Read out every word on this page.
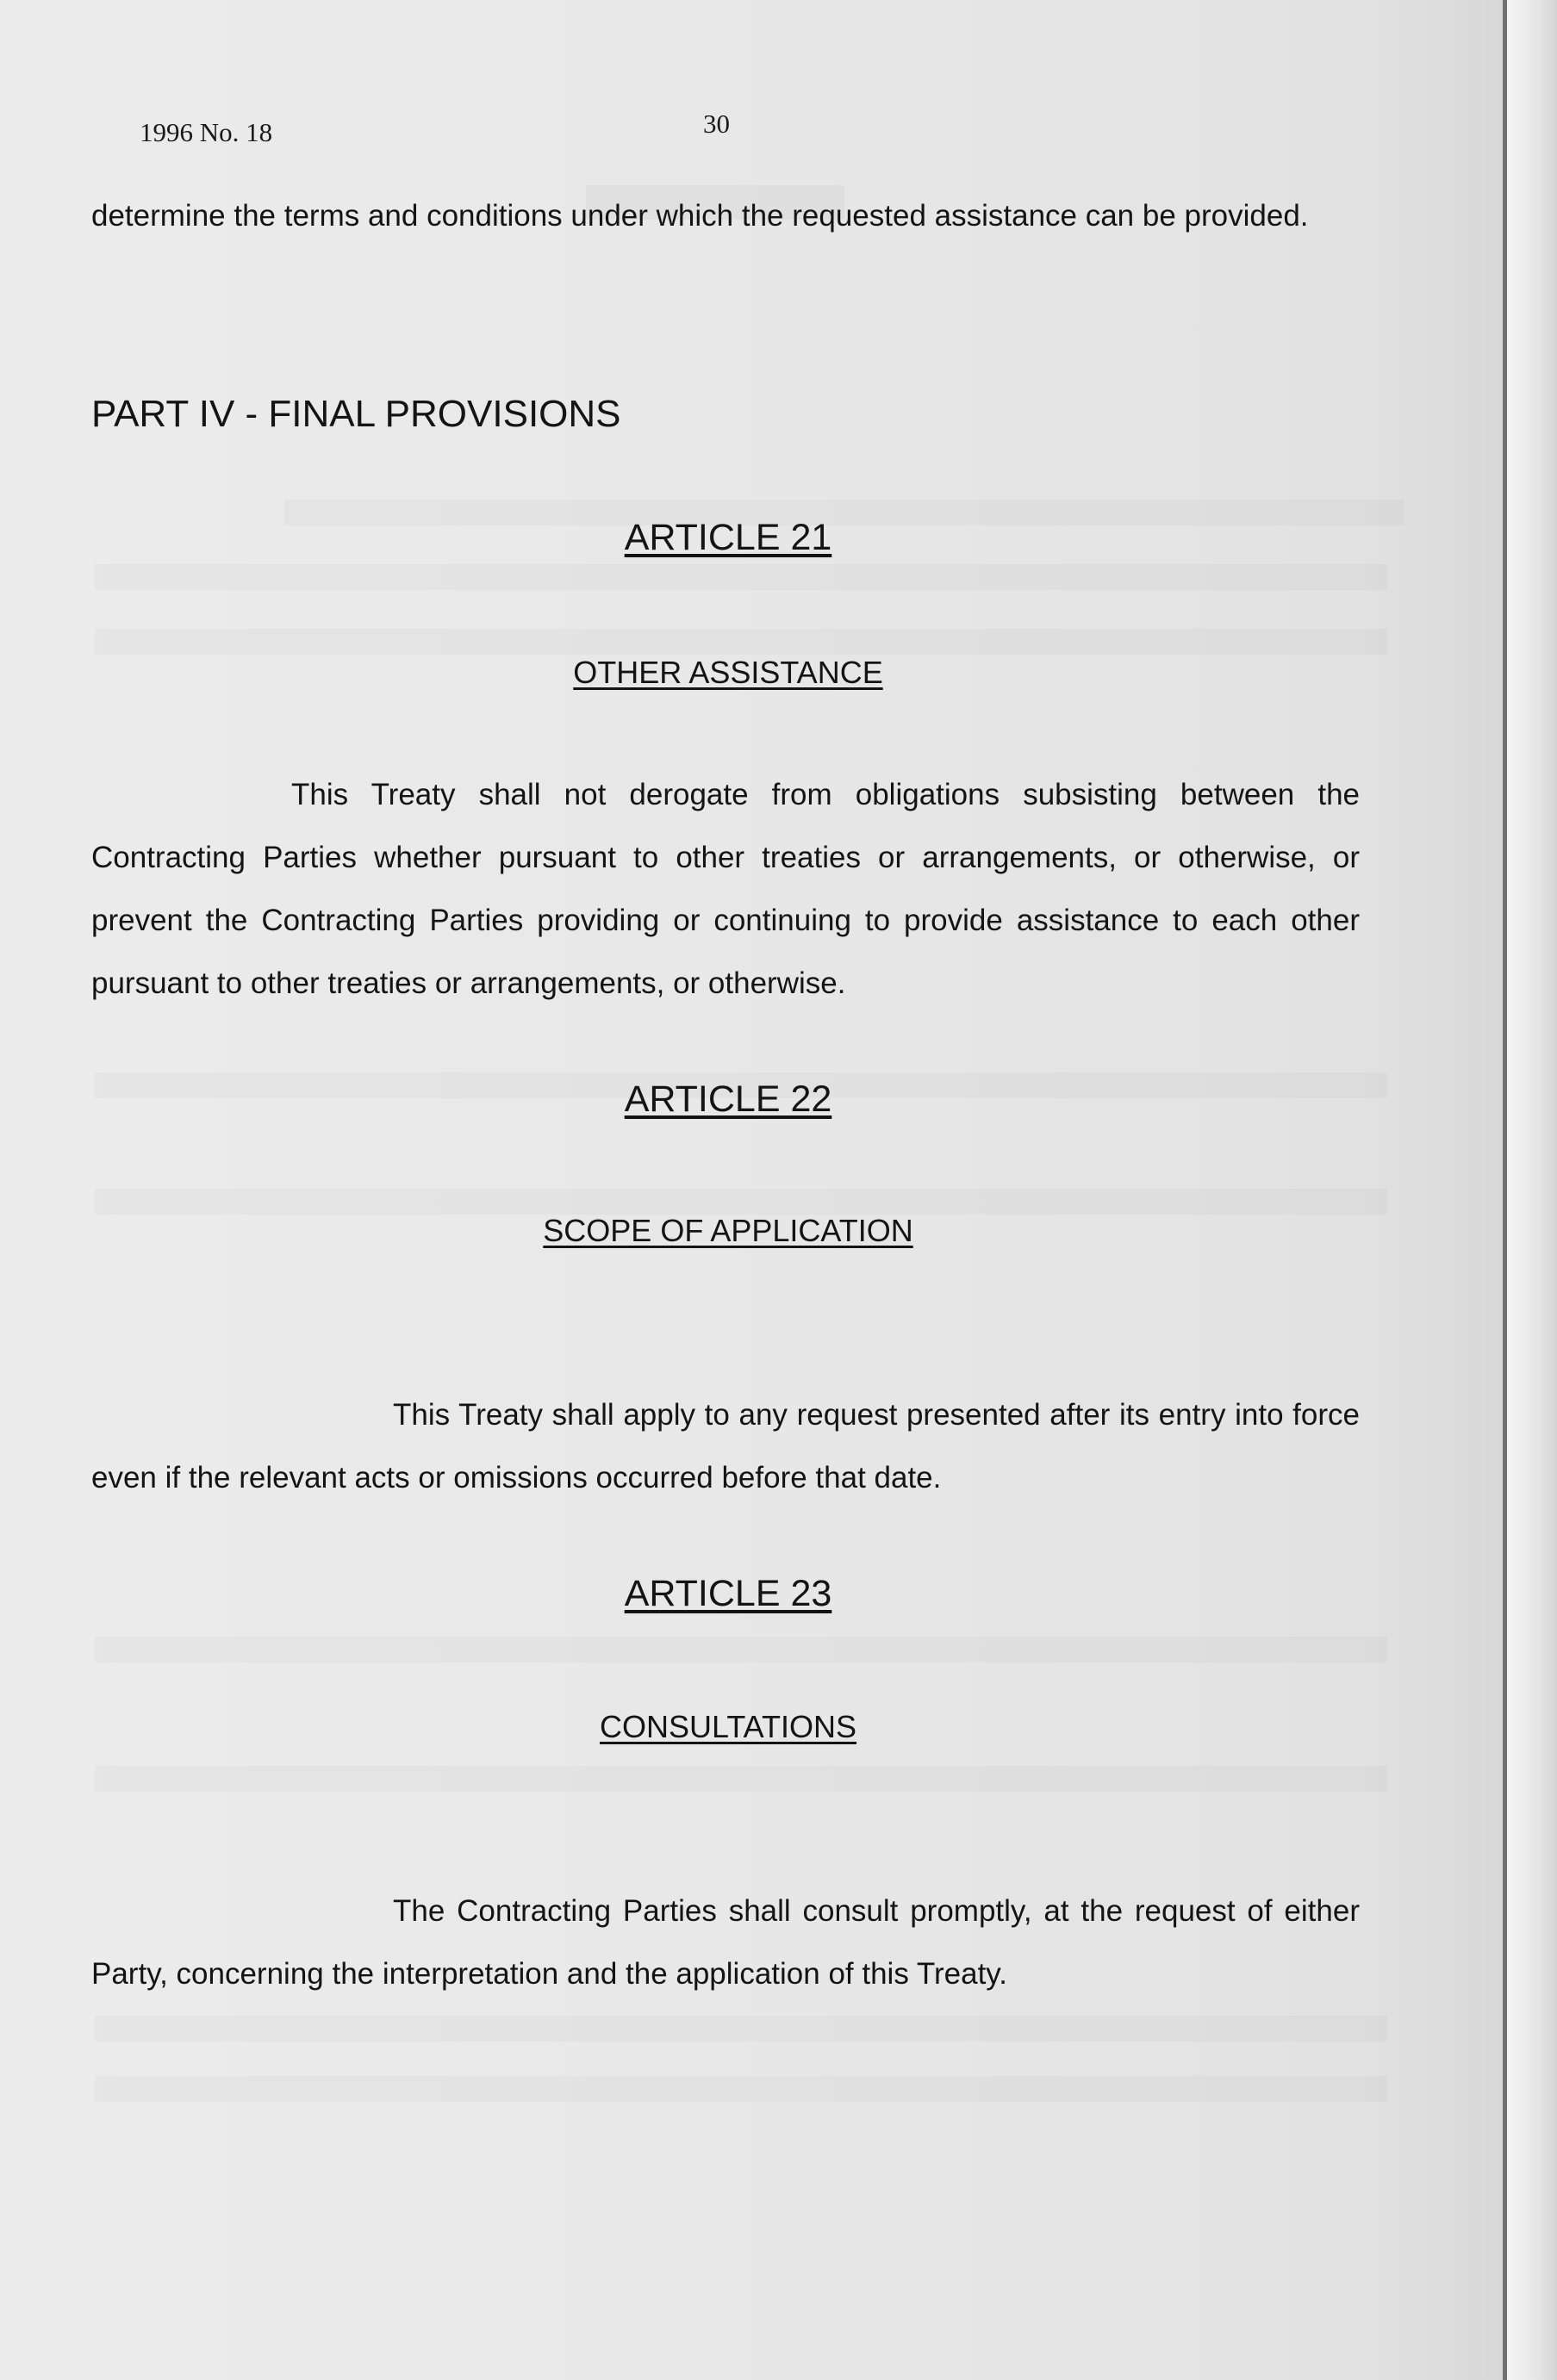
1996 No. 18	30

determine the terms and conditions under which the requested assistance can be provided.

PART IV - FINAL PROVISIONS
ARTICLE 21
OTHER ASSISTANCE

This Treaty shall not derogate from obligations subsisting between the Contracting Parties whether pursuant to other treaties or arrangements, or otherwise, or prevent the Contracting Parties providing or continuing to provide assistance to each other pursuant to other treaties or arrangements, or otherwise.

ARTICLE 22
SCOPE OF APPLICATION

This Treaty shall apply to any request presented after its entry into force even if the relevant acts or omissions occurred before that date.

ARTICLE 23
CONSULTATIONS

The Contracting Parties shall consult promptly, at the request of either Party, concerning the interpretation and the application of this Treaty.
